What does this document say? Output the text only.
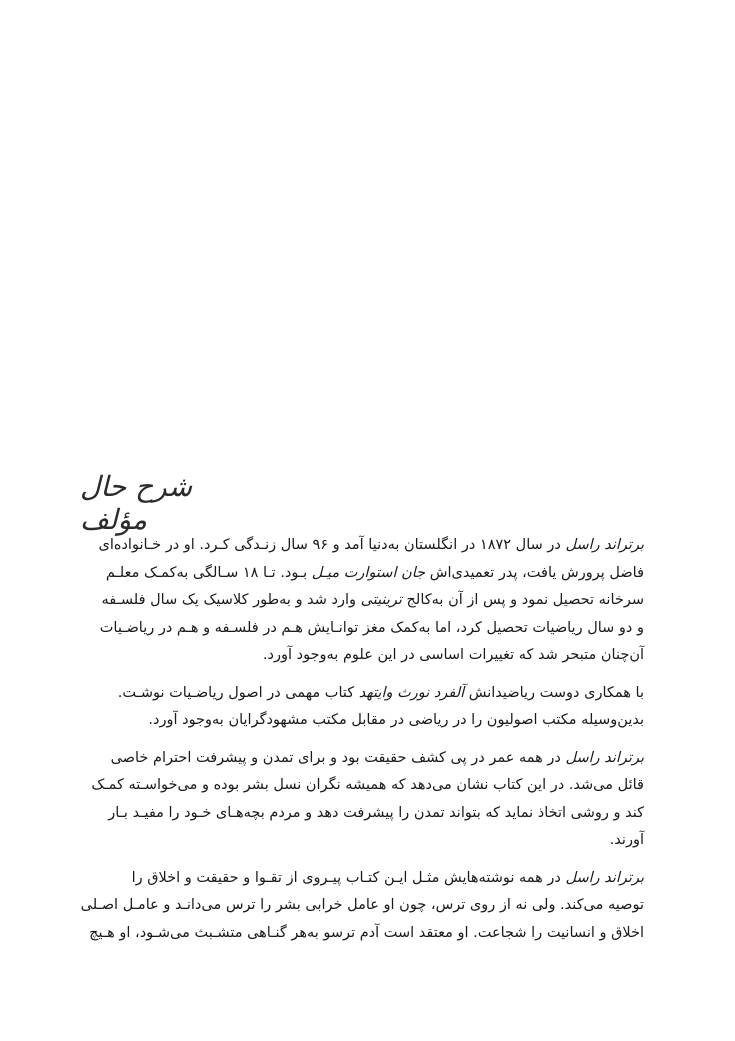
شرح حال مؤلف

برتراند راسل در سال ۱۸۷۲ در انگلستان به‌دنیا آمد و ۹۶ سال زنـدگی کـرد. او در خـانواده‌ای
فاضل پرورش یافت، پدر تعمیدی‌اش جان استوارت میـل بـود. تـا ۱۸ سـالگی به‌کمـک معلـم
سرخانه تحصیل نمود و پس از آن به‌کالج ترینیتی وارد شد و به‌طور کلاسیک یک سال فلسـفه
و دو سال ریاضیات تحصیل کرد، اما به‌کمک مغز توانـایش هـم در فلسـفه و هـم در ریاضـیات
آن‌چنان متبحر شد که تغییرات اساسی در این علوم به‌وجود آورد.

با همکاری دوست ریاضیدانش آلفرد نورث وایتهد کتاب مهمی در اصول ریاضـیات نوشـت.
بدین‌وسیله مکتب اصولیون را در ریاضی در مقابل مکتب مشهودگرایان به‌وجود آورد.

برتراند راسل در همه عمر در پی کشف حقیقت بود و برای تمدن و پیشرفت احترام خاصی
قائل می‌شد. در این کتاب نشان می‌دهد که همیشه نگران نسل بشر بوده و می‌خواسـته کمـک
کند و روشی اتخاذ نماید که بتواند تمدن را پیشرفت دهد و مردم بچه‌هـای خـود را مفیـد بـار
آورند.

برتراند راسل در همه نوشته‌هایش مثـل ایـن کتـاب پیـروی از تقـوا و حقیقت و اخلاق را
توصیه می‌کند. ولی نه از روی ترس، چون او عامل خرابی بشر را ترس می‌دانـد و عامـل اصـلی
اخلاق و انسانیت را شجاعت. او معتقد است آدم ترسو به‌هر گنـاهی متشـبث می‌شـود، او هـیچ
